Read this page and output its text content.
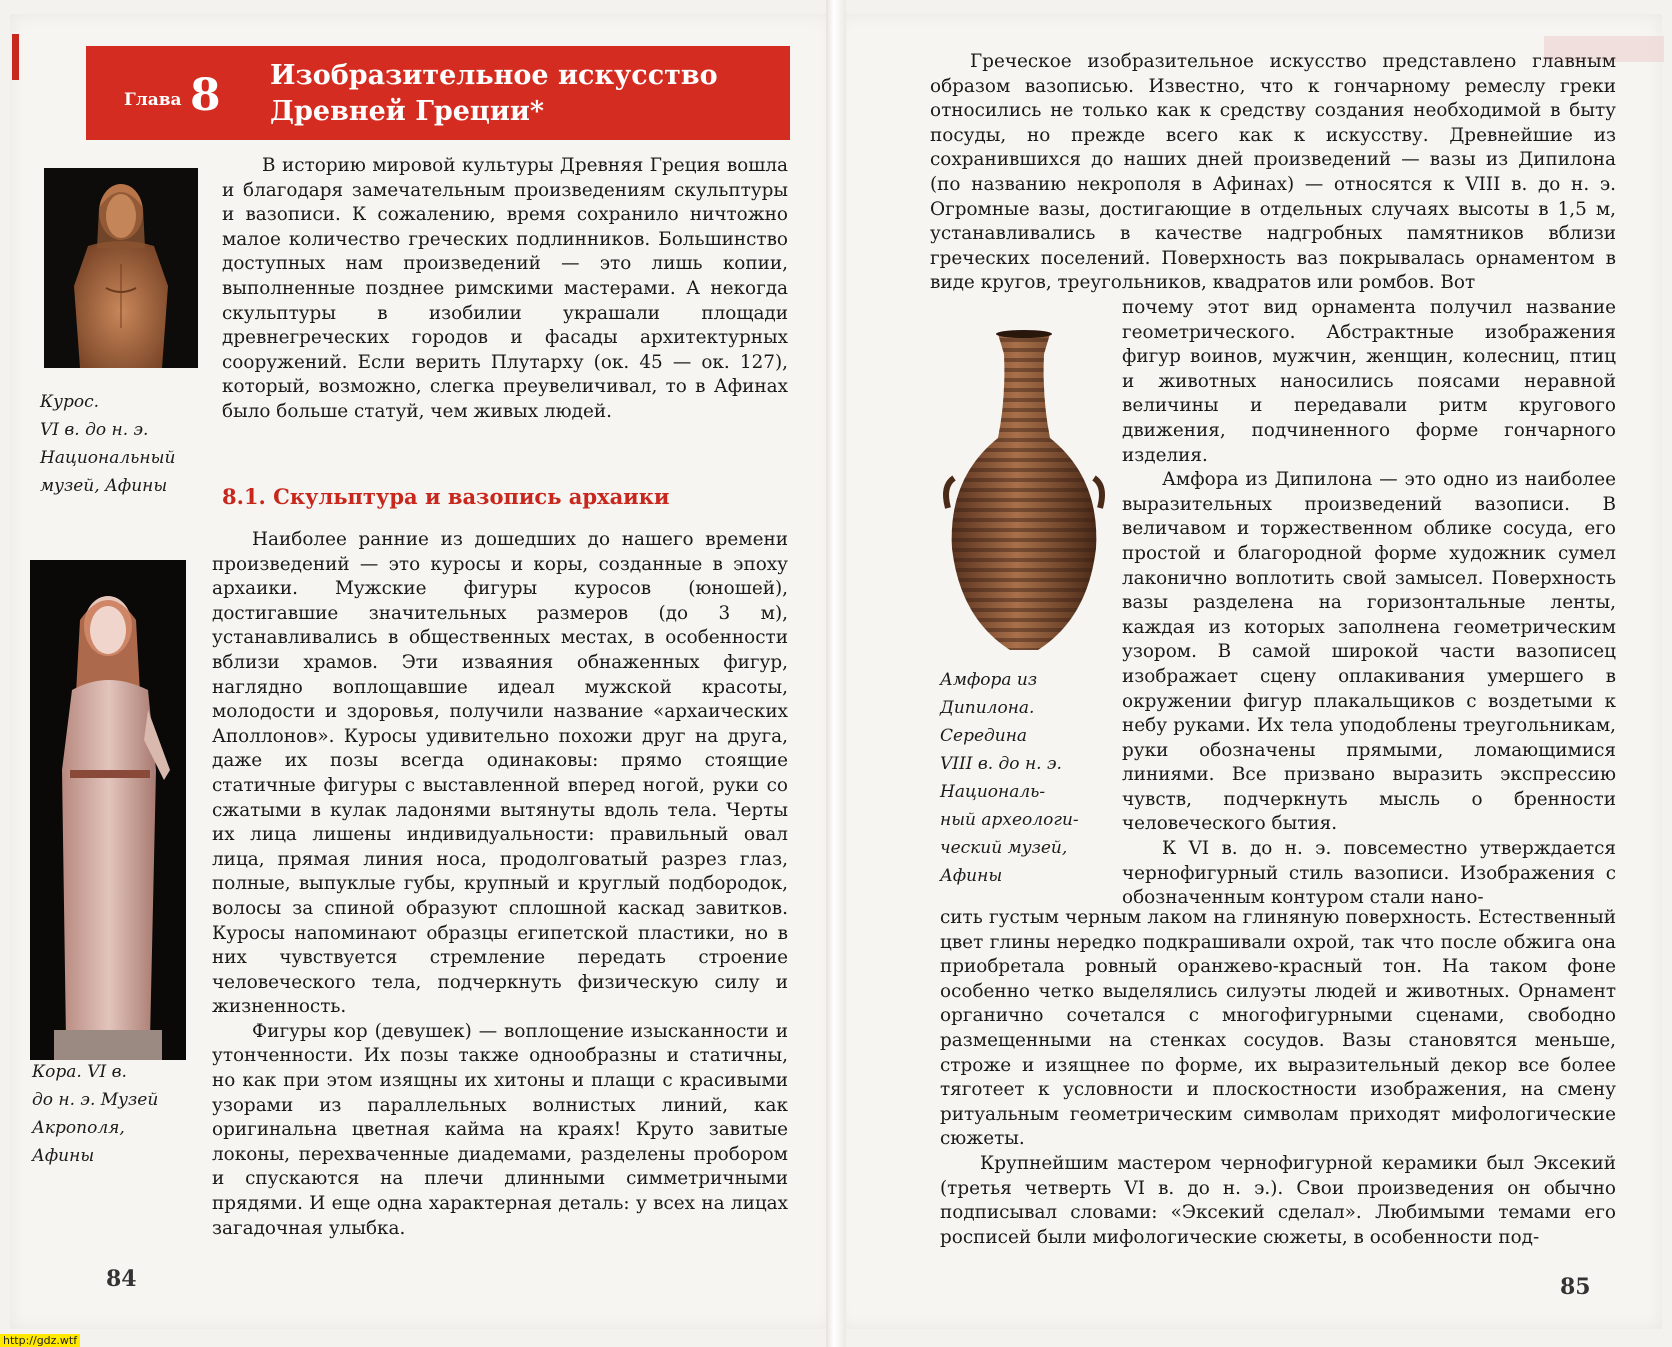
Глава 8 Изобразительное искусство
Древней Греции*
Курос.
VI в. до н. э.
Национальный
музей, Афины
Кора. VI в.
до н. э. Музей
Акрополя,
Афины

В историю мировой культуры Древняя Греция вошла и благодаря замечательным произведениям скульптуры и вазописи. К сожалению, время сохранило ничтожно малое количество греческих подлинников. Большинство доступных нам произведений — это лишь копии, выполненные позднее римскими мастерами. А некогда скульптуры в изобилии украшали площади древнегреческих городов и фасады архитектурных сооружений. Если верить Плутарху (ок. 45 — ок. 127), который, возможно, слегка преувеличивал, то в Афинах было больше статуй, чем живых людей.

8.1. Скульптура и вазопись архаики

Наиболее ранние из дошедших до нашего времени произведений — это куросы и коры, созданные в эпоху архаики. Мужские фигуры куросов (юношей), достигавшие значительных размеров (до 3 м), устанавливались в общественных местах, в особенности вблизи храмов. Эти изваяния обнаженных фигур, наглядно воплощавшие идеал мужской красоты, молодости и здоровья, получили название «архаических Аполлонов». Куросы удивительно похожи друг на друга, даже их позы всегда одинаковы: прямо стоящие статичные фигуры с выставленной вперед ногой, руки со сжатыми в кулак ладонями вытянуты вдоль тела. Черты их лица лишены индивидуальности: правильный овал лица, прямая линия носа, продолговатый разрез глаз, полные, выпуклые губы, крупный и круглый подбородок, волосы за спиной образуют сплошной каскад завитков. Куросы напоминают образцы египетской пластики, но в них чувствуется стремление передать строение человеческого тела, подчеркнуть физическую силу и жизненность.

Фигуры кор (девушек) — воплощение изысканности и утонченности. Их позы также однообразны и статичны, но как при этом изящны их хитоны и плащи с красивыми узорами из параллельных волнистых линий, как оригинальна цветная кайма на краях! Круто завитые локоны, перехваченные диадемами, разделены пробором и спускаются на плечи длинными симметричными прядями. И еще одна характерная деталь: у всех на лицах загадочная улыбка.

84

Греческое изобразительное искусство представлено главным образом вазописью. Известно, что к гончарному ремеслу греки относились не только как к средству создания необходимой в быту посуды, но прежде всего как к искусству. Древнейшие из сохранившихся до наших дней произведений — вазы из Дипилона (по названию некрополя в Афинах) — относятся к VIII в. до н. э. Огромные вазы, достигающие в отдельных случаях высоты в 1,5 м, устанавливались в качестве надгробных памятников вблизи греческих поселений. Поверхность ваз покрывалась орнаментом в виде кругов, треугольников, квадратов или ромбов. Вот

Амфора из
Дипилона.
Середина
VIII в. до н. э.
Националь-
ный археологи-
ческий музей,
Афины

почему этот вид орнамента получил название геометрического. Абстрактные изображения фигур воинов, мужчин, женщин, колесниц, птиц и животных наносились поясами неравной величины и передавали ритм кругового движения, подчиненного форме гончарного изделия.

Амфора из Дипилона — это одно из наиболее выразительных произведений вазописи. В величавом и торжественном облике сосуда, его простой и благородной форме художник сумел лаконично воплотить свой замысел. Поверхность вазы разделена на горизонтальные ленты, каждая из которых заполнена геометрическим узором. В самой широкой части вазописец изображает сцену оплакивания умершего в окружении фигур плакальщиков с воздетыми к небу руками. Их тела уподоблены треугольникам, руки обозначены прямыми, ломающимися линиями. Все призвано выразить экспрессию чувств, подчеркнуть мысль о бренности человеческого бытия.

К VI в. до н. э. повсеместно утверждается чернофигурный стиль вазописи. Изображения с обозначенным контуром стали нано-

сить густым черным лаком на глиняную поверхность. Естественный цвет глины нередко подкрашивали охрой, так что после обжига она приобретала ровный оранжево-красный тон. На таком фоне особенно четко выделялись силуэты людей и животных. Орнамент органично сочетался с многофигурными сценами, свободно размещенными на стенках сосудов. Вазы становятся меньше, строже и изящнее по форме, их выразительный декор все более тяготеет к условности и плоскостности изображения, на смену ритуальным геометрическим символам приходят мифологические сюжеты.

Крупнейшим мастером чернофигурной керамики был Эксекий (третья четверть VI в. до н. э.). Свои произведения он обычно подписывал словами: «Эксекий сделал». Любимыми темами его росписей были мифологические сюжеты, в особенности под-

85
http://gdz.wtf
